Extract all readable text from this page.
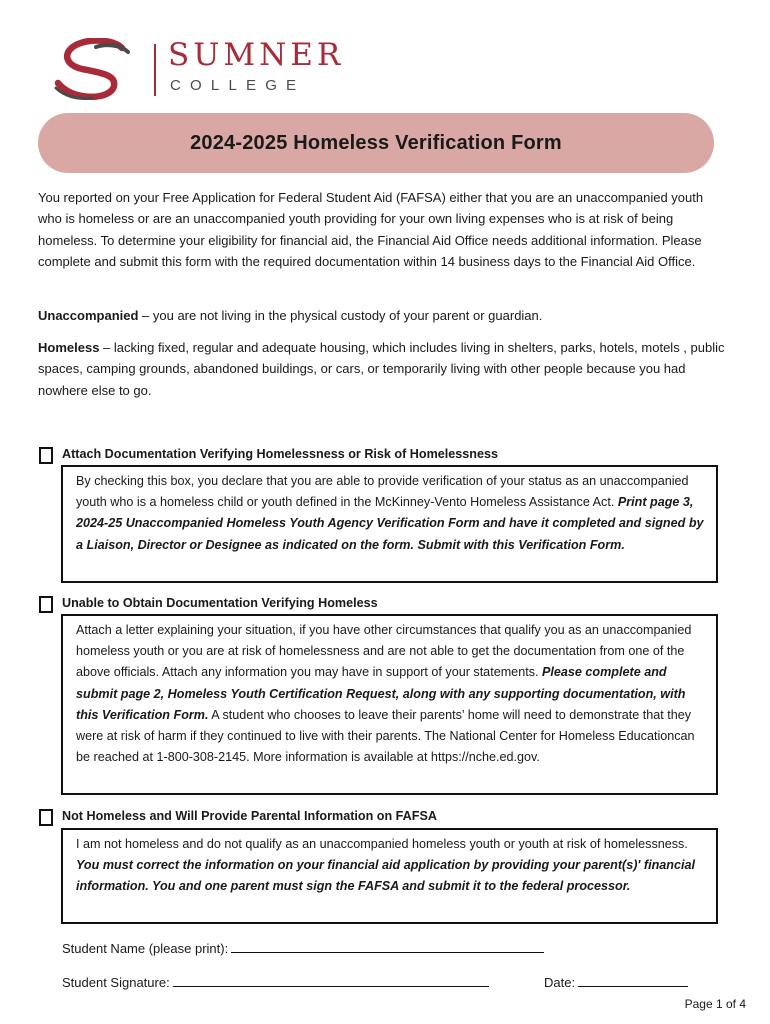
SUMNER
COLLEGE
2024-2025 Homeless Verification Form

You reported on your Free Application for Federal Student Aid (FAFSA) either that you are an unaccompanied youth who is homeless or are an unaccompanied youth providing for your own living expenses who is at risk of being homeless. To determine your eligibility for financial aid, the Financial Aid Office needs additional information. Please complete and submit this form with the required documentation within 14 business days to the Financial Aid Office.

Unaccompanied – you are not living in the physical custody of your parent or guardian.

Homeless – lacking fixed, regular and adequate housing, which includes living in shelters, parks, hotels, motels , public spaces, camping grounds, abandoned buildings, or cars, or temporarily living with other people because you had nowhere else to go.

Attach Documentation Verifying Homelessness or Risk of Homelessness
By checking this box, you declare that you are able to provide verification of your status as an unaccompanied youth who is a homeless child or youth defined in the McKinney-Vento Homeless Assistance Act. Print page 3, 2024-25 Unaccompanied Homeless Youth Agency Verification Form and have it completed and signed by a Liaison, Director or Designee as indicated on the form. Submit with this Verification Form.
Unable to Obtain Documentation Verifying Homeless
Attach a letter explaining your situation, if you have other circumstances that qualify you as an unaccompanied homeless youth or you are at risk of homelessness and are not able to get the documentation from one of the above officials. Attach any information you may have in support of your statements. Please complete and submit page 2, Homeless Youth Certification Request, along with any supporting documentation, with this Verification Form. A student who chooses to leave their parents’ home will need to demonstrate that they were at risk of harm if they continued to live with their parents. The National Center for Homeless Educationcan be reached at 1-800-308-2145. More information is available at https://nche.ed.gov.
Not Homeless and Will Provide Parental Information on FAFSA
I am not homeless and do not qualify as an unaccompanied homeless youth or youth at risk of homelessness. You must correct the information on your financial aid application by providing your parent(s)' financial information. You and one parent must sign the FAFSA and submit it to the federal processor.
Student Name (please print):
Student Signature:	Date:
Page 1 of 4
